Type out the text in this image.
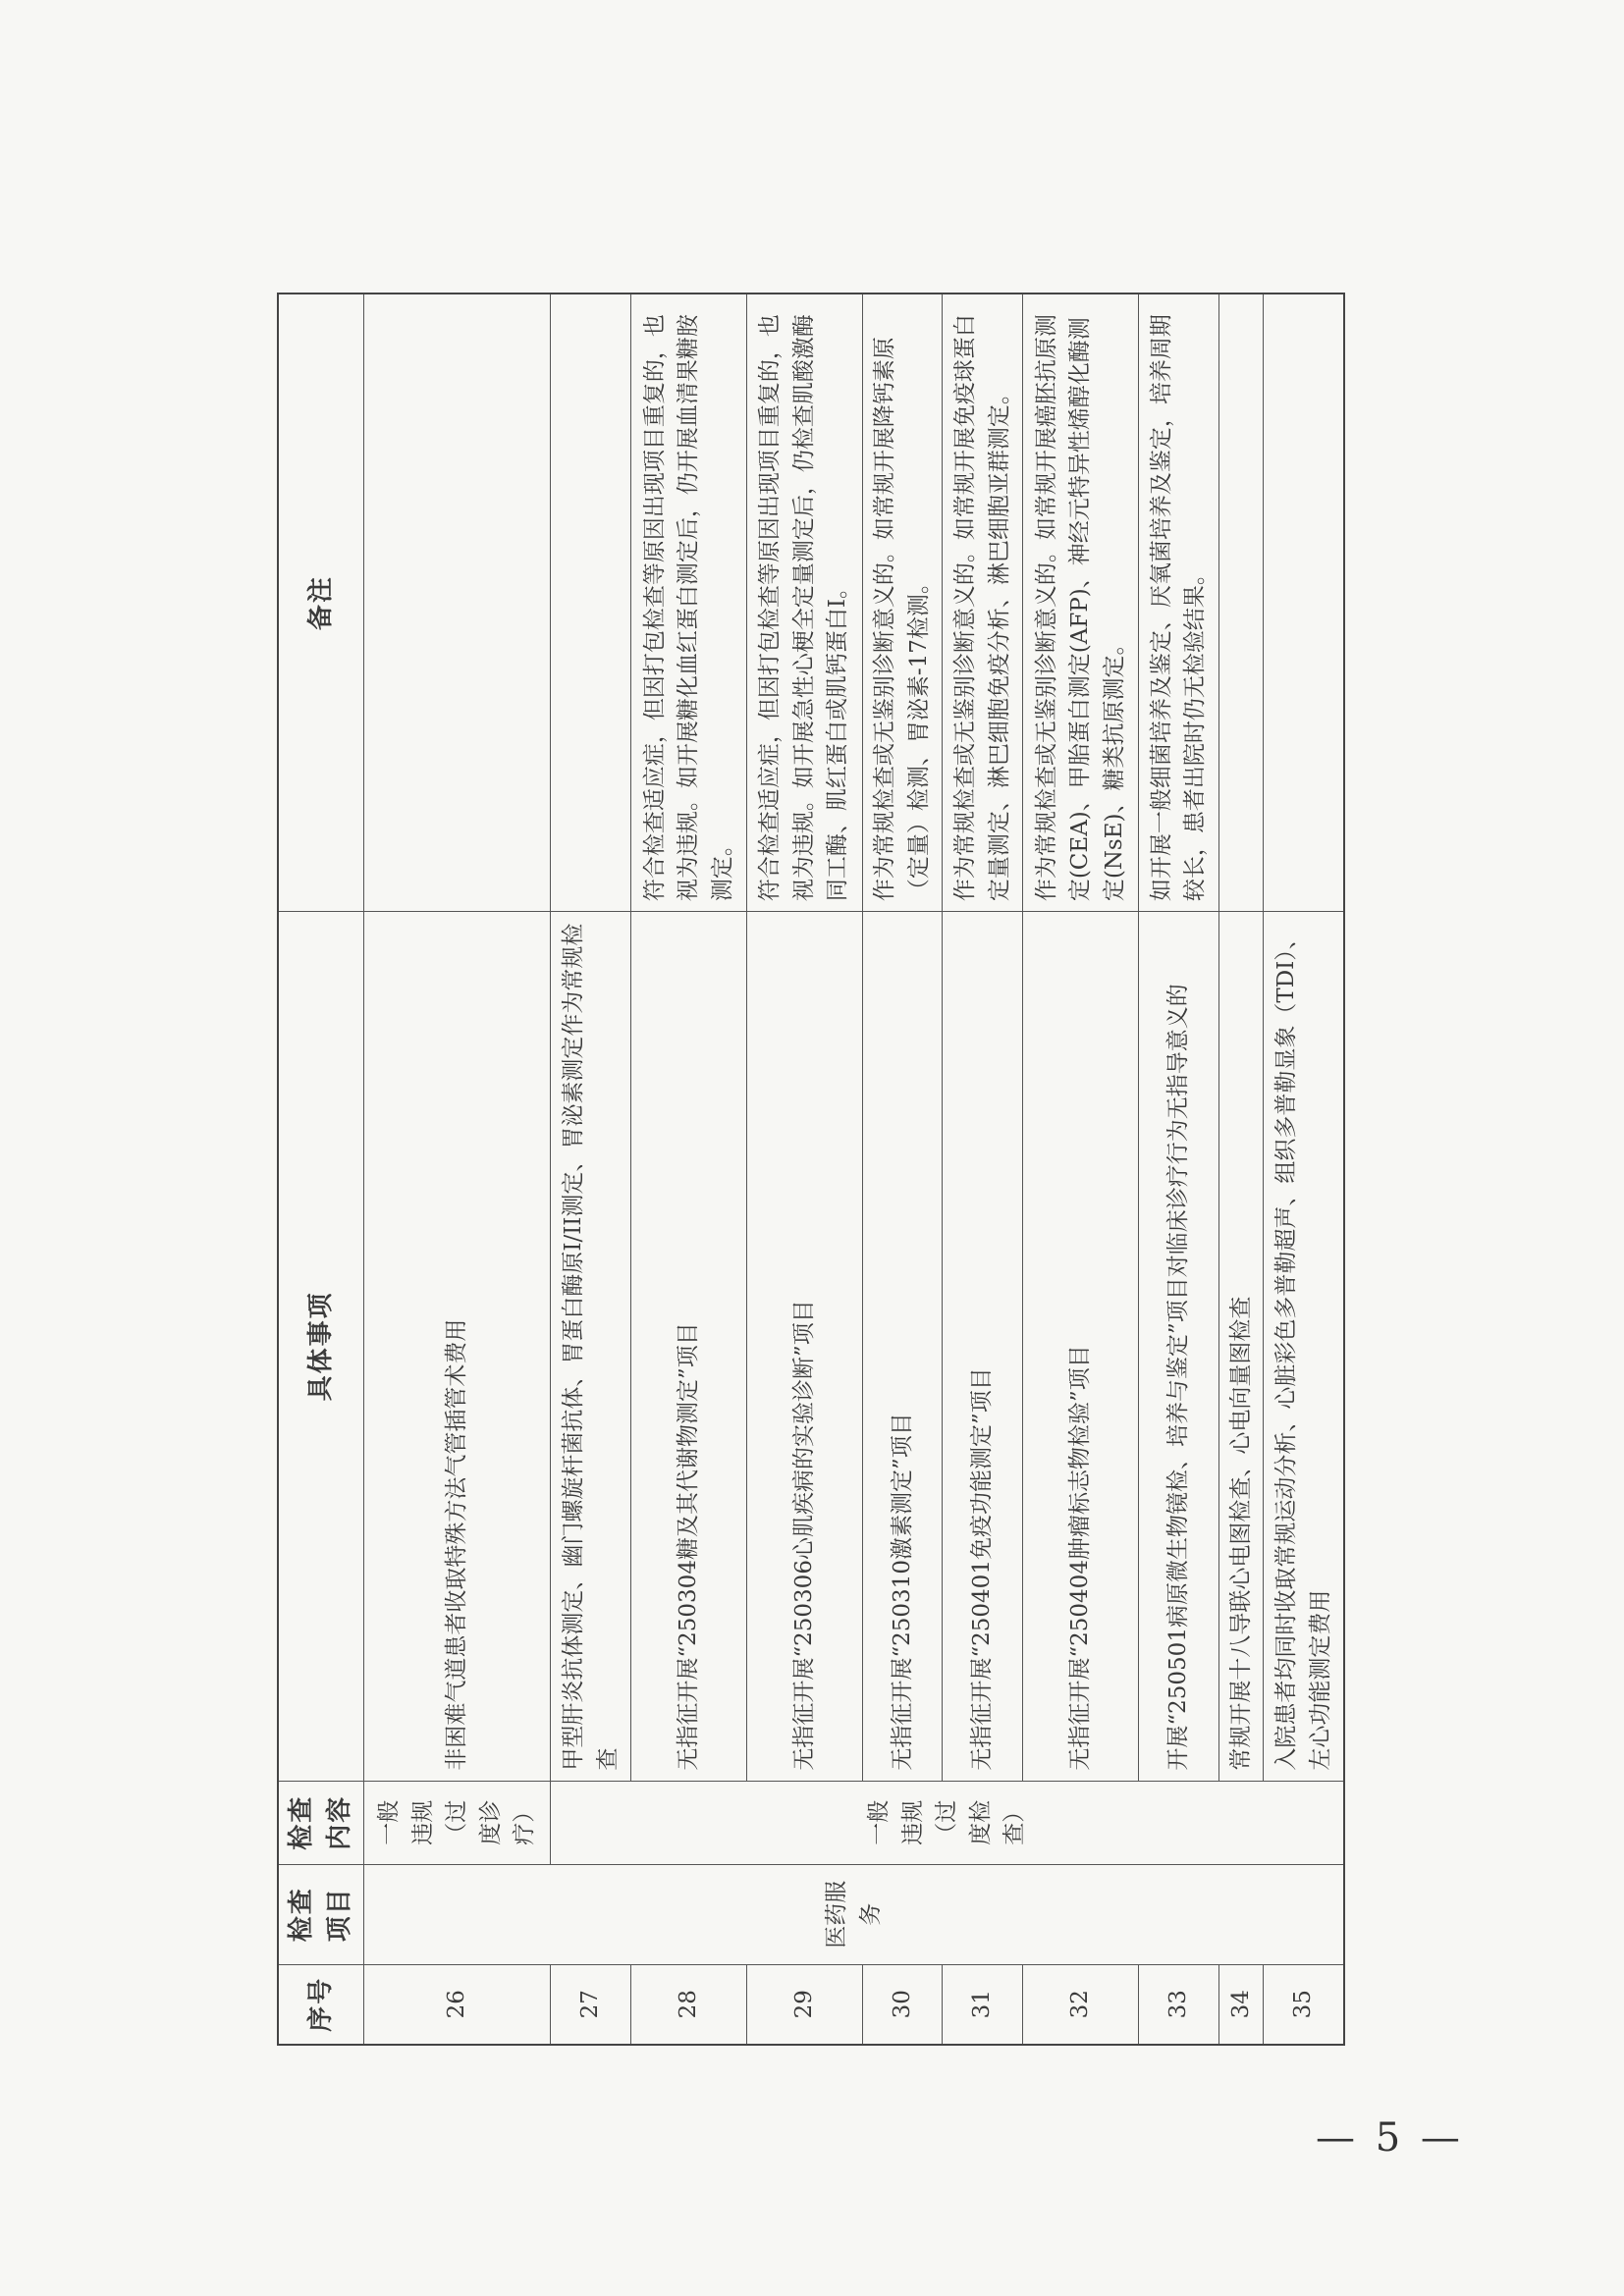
序号	检查项目	检查内容	具体事项	备注
26	医药服务	一般违规（过度诊疗）	非困难气道患者收取特殊方法气管插管术费用	
27		一般违规（过度检查）	甲型肝炎抗体测定、幽门螺旋杆菌抗体、胃蛋白酶原I/II测定、胃泌素测定作为常规检查	
28			无指征开展“250304糖及其代谢物测定”项目	符合检查适应症，但因打包检查等原因出现项目重复的，也视为违规。如开展糖化血红蛋白测定后，仍开展血清果糖胺测定。
29			无指征开展“250306心肌疾病的实验诊断”项目	符合检查适应症，但因打包检查等原因出现项目重复的，也视为违规。如开展急性心梗全定量测定后，仍检查肌酸激酶同工酶、肌红蛋白或肌钙蛋白I。
30			无指征开展“250310激素测定”项目	作为常规检查或无鉴别诊断意义的。如常规开展降钙素原（定量）检测、胃泌素-17检测。
31			无指征开展“250401免疫功能测定”项目	作为常规检查或无鉴别诊断意义的。如常规开展免疫球蛋白定量测定、淋巴细胞免疫分析、淋巴细胞亚群测定。
32			无指征开展“250404肿瘤标志物检验”项目	作为常规检查或无鉴别诊断意义的。如常规开展癌胚抗原测定(CEA)、甲胎蛋白测定(AFP)、神经元特异性烯醇化酶测定(NsE)、糖类抗原测定。
33			开展“250501病原微生物镜检、培养与鉴定”项目对临床诊疗行为无指导意义的	如开展一般细菌培养及鉴定、厌氧菌培养及鉴定，培养周期较长，患者出院时仍无检验结果。
34			常规开展十八导联心电图检查、心电向量图检查	
35			入院患者均同时收取常规运动分析、心脏彩色多普勒超声、组织多普勒显象（TDI）、左心功能测定费用	
— 5 —
